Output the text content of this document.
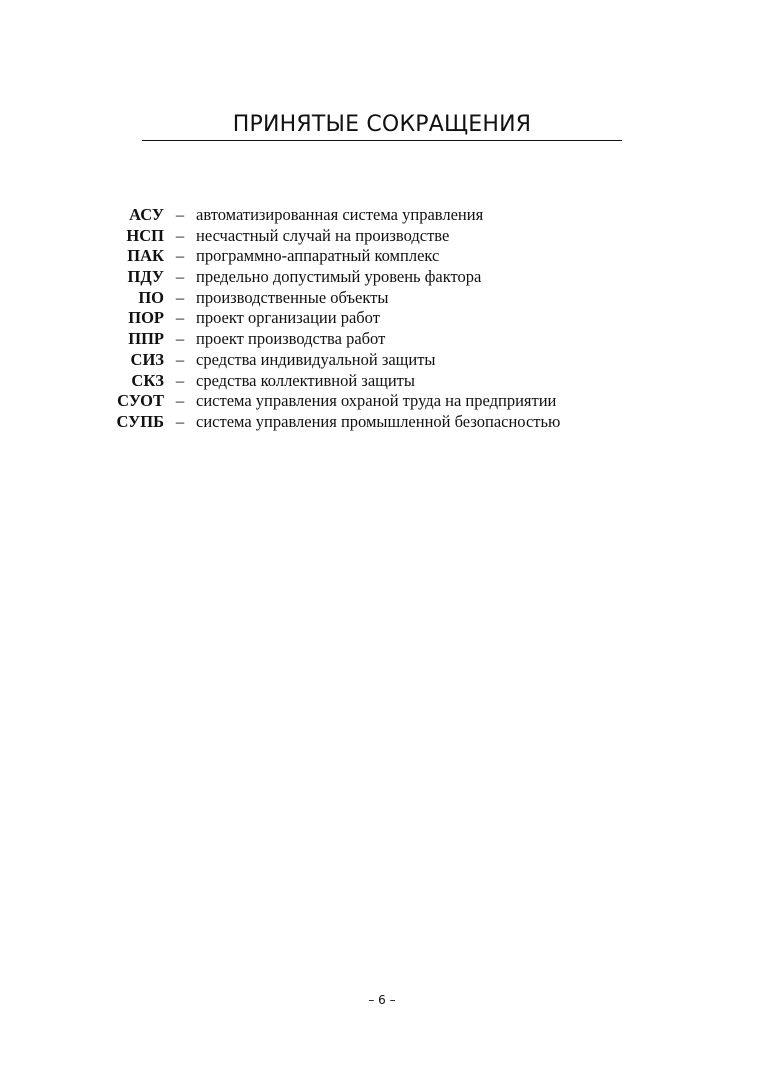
ПРИНЯТЫЕ СОКРАЩЕНИЯ
АСУ – автоматизированная система управления
НСП – несчастный случай на производстве
ПАК – программно-аппаратный комплекс
ПДУ – предельно допустимый уровень фактора
ПО – производственные объекты
ПОР – проект организации работ
ППР – проект производства работ
СИЗ – средства индивидуальной защиты
СКЗ – средства коллективной защиты
СУОТ – система управления охраной труда на предприятии
СУПБ – система управления промышленной безопасностью
– 6 –
